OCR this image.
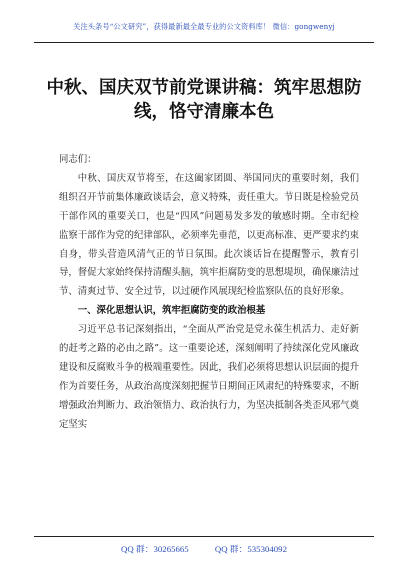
关注头条号“公文研究”，获得最新最全最专业的公文资料库！ 微信：gongwenyj
中秋、国庆双节前党课讲稿：筑牢思想防线，恪守清廉本色

同志们：

中秋、国庆双节将至，在这阖家团圆、举国同庆的重要时刻，我们组织召开节前集体廉政谈话会，意义特殊，责任重大。节日既是检验党员干部作风的重要关口，也是“四风”问题易发多发的敏感时期。全市纪检监察干部作为党的纪律部队，必须率先垂范，以更高标准、更严要求约束自身，带头营造风清气正的节日氛围。此次谈话旨在提醒警示，教育引导，督促大家始终保持清醒头脑，筑牢拒腐防变的思想堤坝，确保廉洁过节、清爽过节、安全过节，以过硬作风展现纪检监察队伍的良好形象。

一、深化思想认识，筑牢拒腐防变的政治根基

习近平总书记深刻指出，“全面从严治党是党永葆生机活力、走好新的赶考之路的必由之路”。这一重要论述，深刻阐明了持续深化党风廉政建设和反腐败斗争的极端重要性。因此，我们必须将思想认识层面的提升作为首要任务，从政治高度深刻把握节日期间正风肃纪的特殊要求，不断增强政治判断力、政治领悟力、政治执行力，为坚决抵制各类歪风邪气奠定坚实

QQ 群：30265665	QQ 群：535304092
